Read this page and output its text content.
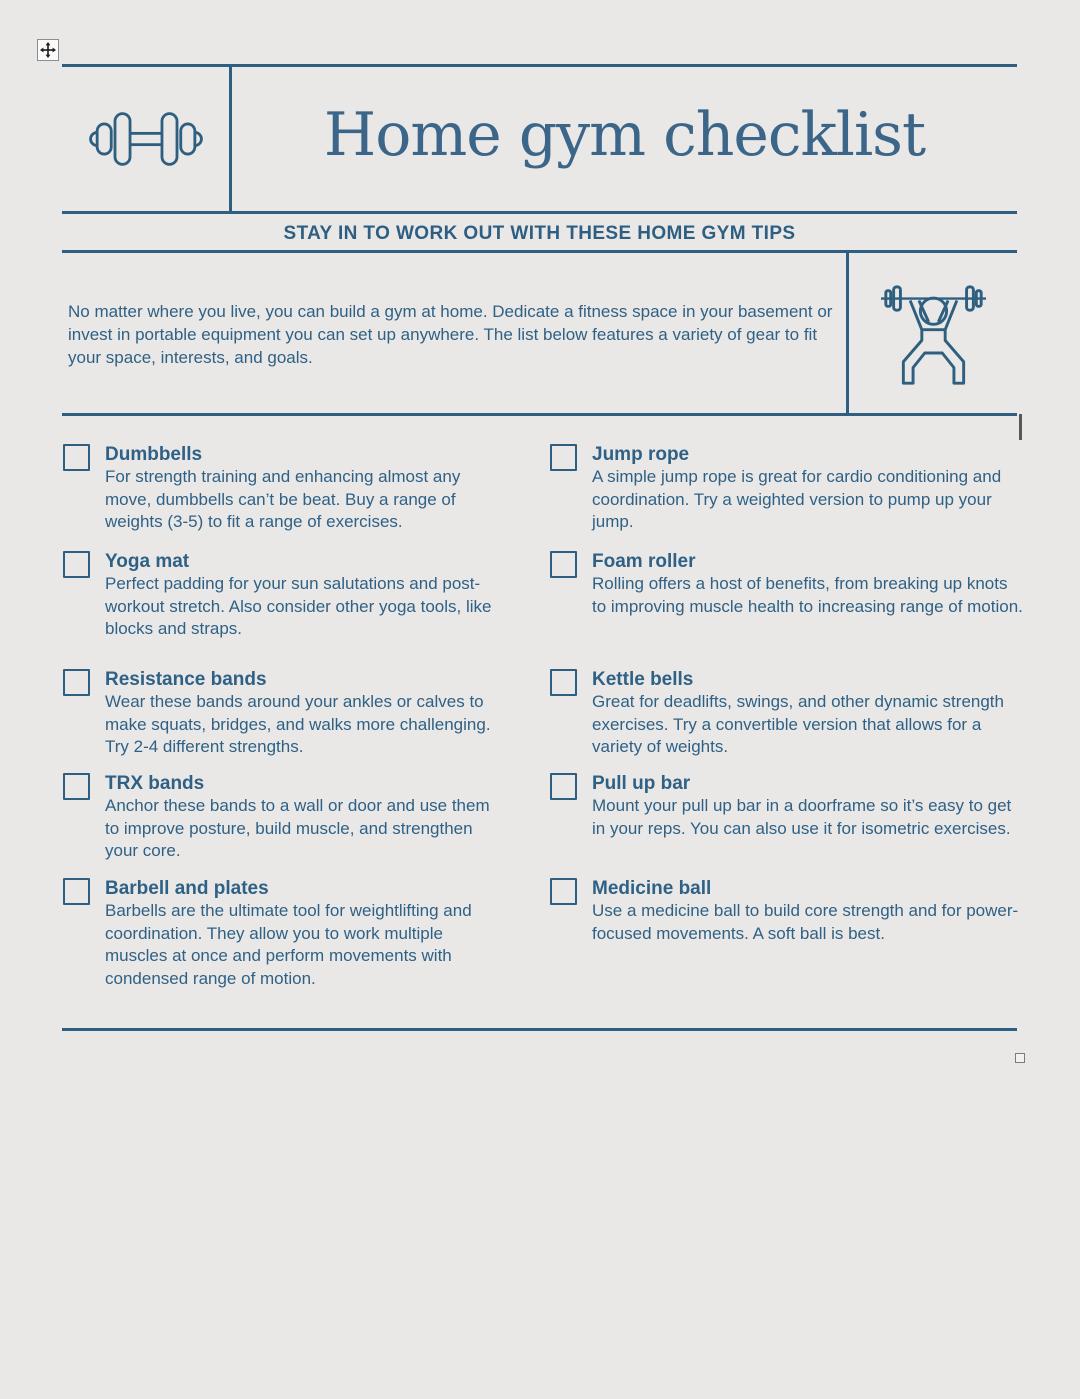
Home gym checklist
STAY IN TO WORK OUT WITH THESE HOME GYM TIPS
No matter where you live, you can build a gym at home. Dedicate a fitness space in your basement or invest in portable equipment you can set up anywhere. The list below features a variety of gear to fit your space, interests, and goals.
Dumbbells
For strength training and enhancing almost any move, dumbbells can’t be beat. Buy a range of weights (3-5) to fit a range of exercises.
Yoga mat
Perfect padding for your sun salutations and post-workout stretch. Also consider other yoga tools, like blocks and straps.
Resistance bands
Wear these bands around your ankles or calves to make squats, bridges, and walks more challenging. Try 2-4 different strengths.
TRX bands
Anchor these bands to a wall or door and use them to improve posture, build muscle, and strengthen your core.
Barbell and plates
Barbells are the ultimate tool for weightlifting and coordination. They allow you to work multiple muscles at once and perform movements with condensed range of motion.
Jump rope
A simple jump rope is great for cardio conditioning and coordination. Try a weighted version to pump up your jump.
Foam roller
Rolling offers a host of benefits, from breaking up knots to improving muscle health to increasing range of motion.
Kettle bells
Great for deadlifts, swings, and other dynamic strength exercises. Try a convertible version that allows for a variety of weights.
Pull up bar
Mount your pull up bar in a doorframe so it’s easy to get in your reps. You can also use it for isometric exercises.
Medicine ball
Use a medicine ball to build core strength and for power-focused movements. A soft ball is best.
